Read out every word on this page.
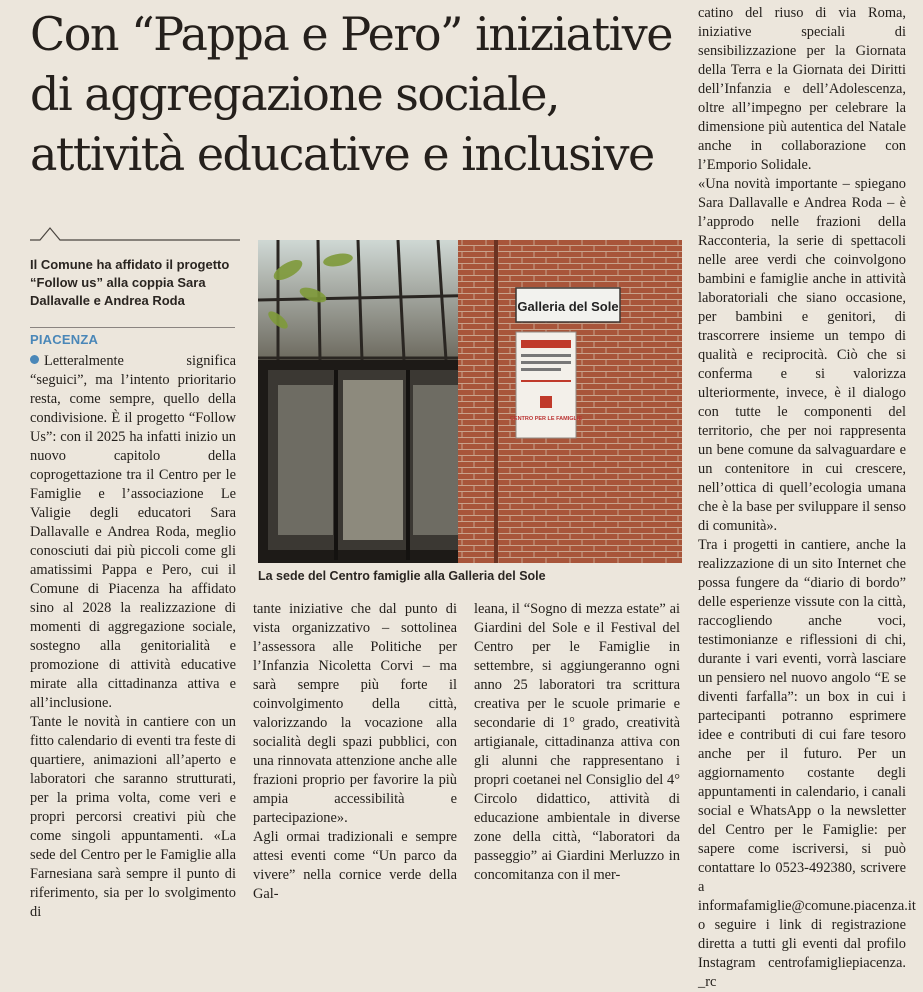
Con “Pappa e Pero” iniziative
di aggregazione sociale,
attività educative e inclusive
Il Comune ha affidato il progetto “Follow us” alla coppia Sara Dallavalle e Andrea Roda
PIACENZA
Galleria del Sole
CENTRO PER LE FAMIGLIE
La sede del Centro famiglie alla Galleria del Sole

Letteralmente significa “seguici”, ma l’intento prioritario resta, come sempre, quello della condivisione. È il progetto “Follow Us”: con il 2025 ha infatti inizio un nuovo capitolo della coprogettazione tra il Centro per le Famiglie e l’associazione Le Valigie degli educatori Sara Dallavalle e Andrea Roda, meglio conosciuti dai più piccoli come gli amatissimi Pappa e Pero, cui il Comune di Piacenza ha affidato sino al 2028 la realizzazione di momenti di aggregazione sociale, sostegno alla genitorialità e promozione di attività educative mirate alla cittadinanza attiva e all’inclusione.

Tante le novità in cantiere con un fitto calendario di eventi tra feste di quartiere, animazioni all’aperto e laboratori che saranno strutturati, per la prima volta, come veri e propri percorsi creativi più che come singoli appuntamenti. «La sede del Centro per le Famiglie alla Farnesiana sarà sempre il punto di riferimento, sia per lo svolgimento di

tante iniziative che dal punto di vista organizzativo – sottolinea l’assessora alle Politiche per l’Infanzia Nicoletta Corvi – ma sarà sempre più forte il coinvolgimento della città, valorizzando la vocazione alla socialità degli spazi pubblici, con una rinnovata attenzione anche alle frazioni proprio per favorire la più ampia accessibilità e partecipazione».

Agli ormai tradizionali e sempre attesi eventi come “Un parco da vivere” nella cornice verde della Gal-

leana, il “Sogno di mezza estate” ai Giardini del Sole e il Festival del Centro per le Famiglie in settembre, si aggiungeranno ogni anno 25 laboratori tra scrittura creativa per le scuole primarie e secondarie di 1° grado, creatività artigianale, cittadinanza attiva con gli alunni che rappresentano i propri coetanei nel Consiglio del 4° Circolo didattico, attività di educazione ambientale in diverse zone della città, “laboratori da passeggio” ai Giardini Merluzzo in concomitanza con il mer-

catino del riuso di via Roma, iniziative speciali di sensibilizzazione per la Giornata della Terra e la Giornata dei Diritti dell’Infanzia e dell’Adolescenza, oltre all’impegno per celebrare la dimensione più autentica del Natale anche in collaborazione con l’Emporio Solidale.

«Una novità importante – spiegano Sara Dallavalle e Andrea Roda – è l’approdo nelle frazioni della Racconteria, la serie di spettacoli nelle aree verdi che coinvolgono bambini e famiglie anche in attività laboratoriali che siano occasione, per bambini e genitori, di trascorrere insieme un tempo di qualità e reciprocità. Ciò che si conferma e si valorizza ulteriormente, invece, è il dialogo con tutte le componenti del territorio, che per noi rappresenta un bene comune da salvaguardare e un contenitore in cui crescere, nell’ottica di quell’ecologia umana che è la base per sviluppare il senso di comunità».

Tra i progetti in cantiere, anche la realizzazione di un sito Internet che possa fungere da “diario di bordo” delle esperienze vissute con la città, raccogliendo anche voci, testimonianze e riflessioni di chi, durante i vari eventi, vorrà lasciare un pensiero nel nuovo angolo “E se diventi farfalla”: un box in cui i partecipanti potranno esprimere idee e contributi di cui fare tesoro anche per il futuro. Per un aggiornamento costante degli appuntamenti in calendario, i canali social e WhatsApp o la newsletter del Centro per le Famiglie: per sapere come iscriversi, si può contattare lo 0523-492380, scrivere a informafamiglie@comune.piacenza.it o seguire i link di registrazione diretta a tutti gli eventi dal profilo Instagram centrofamigliepiacenza. _rc
